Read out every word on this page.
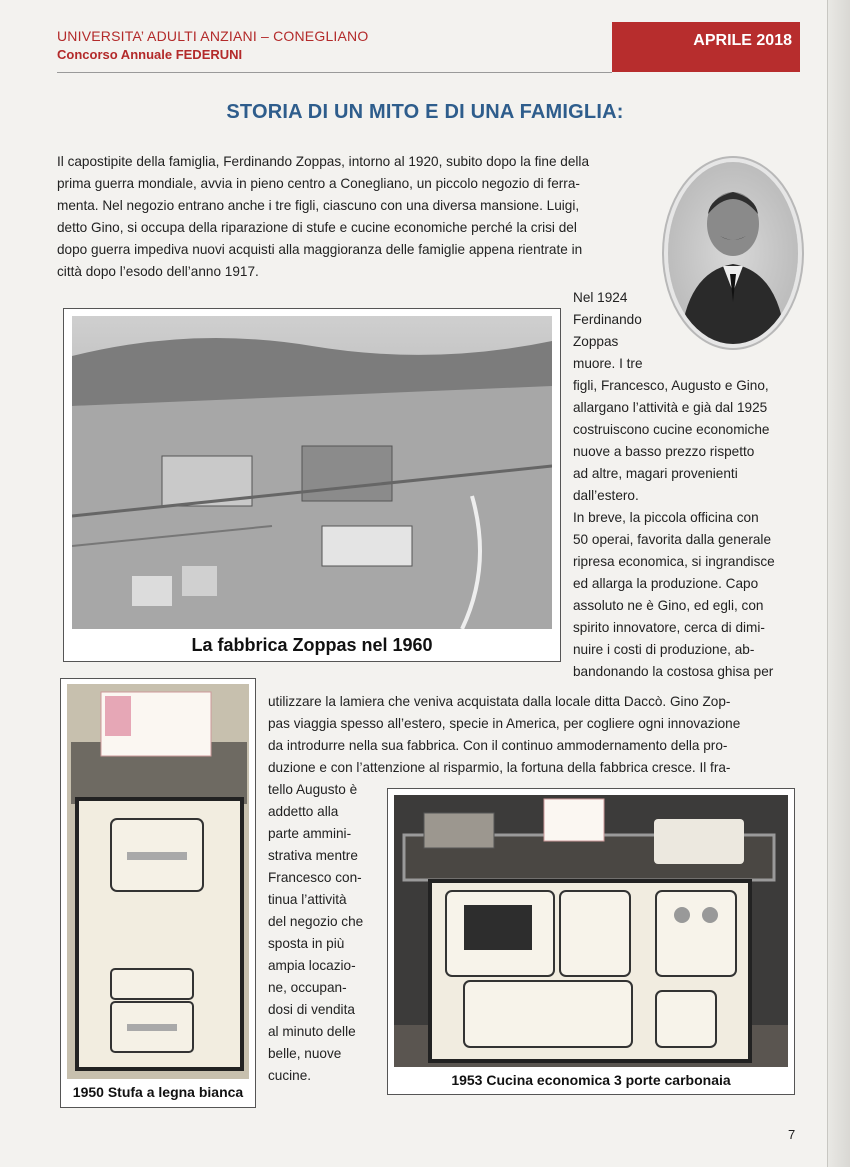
UNIVERSITA’ ADULTI ANZIANI – CONEGLIANO
Concorso Annuale FEDERUNI
APRILE 2018
STORIA DI UN MITO E DI UNA FAMIGLIA:
Il capostipite della famiglia, Ferdinando Zoppas, intorno al 1920, subito dopo la fine della
prima guerra mondiale, avvia in pieno centro a Conegliano, un piccolo negozio di ferra-
menta. Nel negozio entrano anche i tre figli, ciascuno con una diversa mansione. Luigi,
detto Gino, si occupa della riparazione di stufe e cucine economiche perché la crisi del
dopo guerra impediva nuovi acquisti alla maggioranza delle famiglie appena rientrate in
città dopo l’esodo dell’anno 1917.
Nel 1924
Ferdinando
Zoppas
muore. I tre
figli, Francesco, Augusto e Gino,
allargano l’attività e già dal 1925
costruiscono cucine economiche
nuove a basso prezzo rispetto
ad altre, magari provenienti
dall’estero.
In breve, la piccola officina con
50 operai, favorita dalla generale
ripresa economica, si ingrandisce
ed allarga la produzione. Capo
assoluto ne è Gino, ed egli, con
spirito innovatore, cerca di dimi-
nuire i costi di produzione, ab-
bandonando la costosa ghisa per
La fabbrica Zoppas nel 1960
utilizzare la lamiera che veniva acquistata dalla locale ditta Daccò. Gino Zop-
pas viaggia spesso all’estero, specie in America, per cogliere ogni innovazione
da introdurre nella sua fabbrica. Con il continuo ammodernamento della pro-
duzione e con l’attenzione al risparmio, la fortuna della fabbrica cresce. Il fra-
1950 Stufa a legna bianca
tello Augusto è
addetto alla
parte ammini-
strativa mentre
Francesco con-
tinua l’attività
del negozio che
sposta in più
ampia locazio-
ne, occupan-
dosi di vendita
al minuto delle
belle, nuove
cucine.	1953 Cucina economica 3 porte carbonaia
7
